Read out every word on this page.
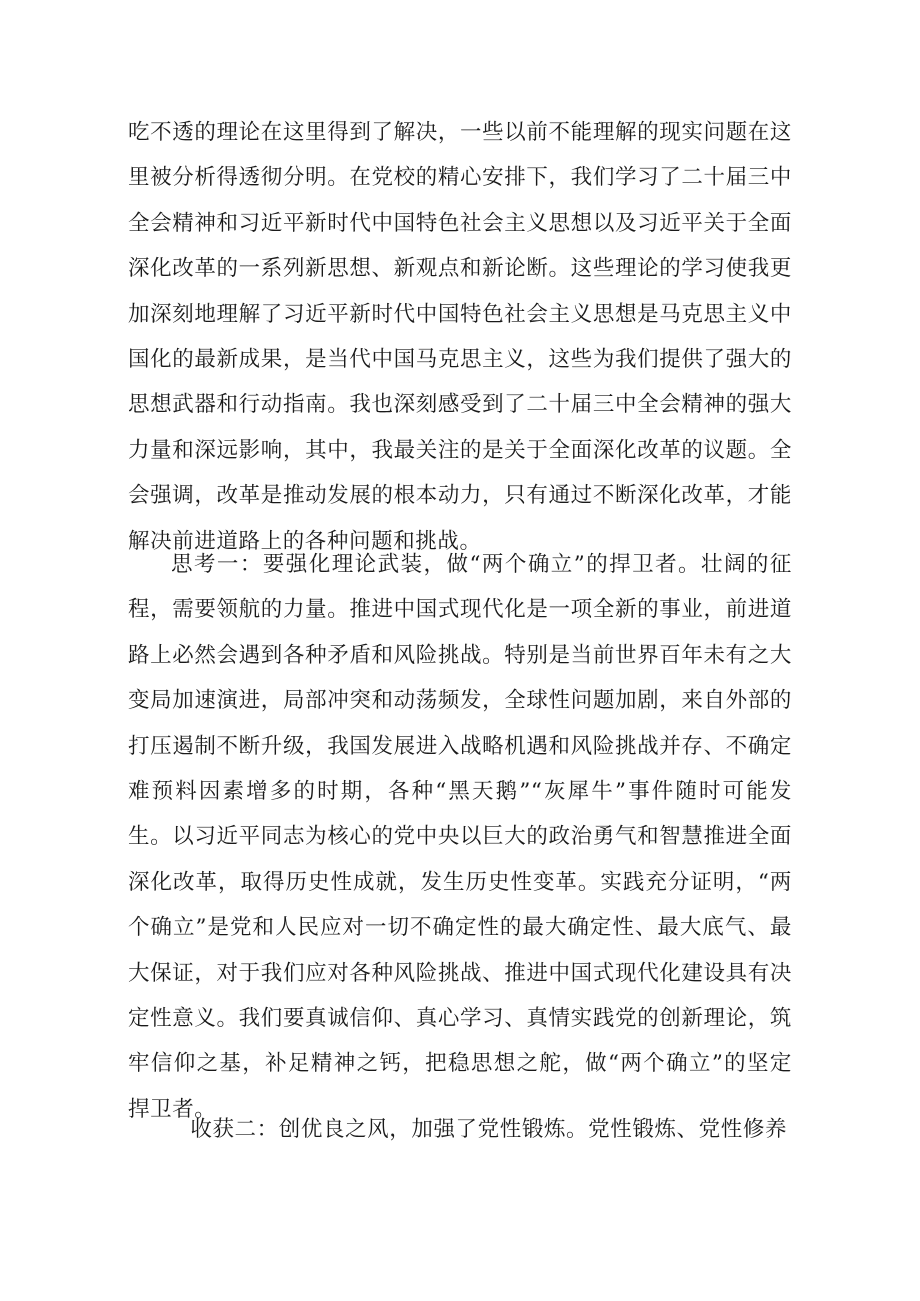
吃不透的理论在这里得到了解决，一些以前不能理解的现实问题在这里被分析得透彻分明。在党校的精心安排下，我们学习了二十届三中全会精神和习近平新时代中国特色社会主义思想以及习近平关于全面深化改革的一系列新思想、新观点和新论断。这些理论的学习使我更加深刻地理解了习近平新时代中国特色社会主义思想是马克思主义中国化的最新成果，是当代中国马克思主义，这些为我们提供了强大的思想武器和行动指南。我也深刻感受到了二十届三中全会精神的强大力量和深远影响，其中，我最关注的是关于全面深化改革的议题。全会强调，改革是推动发展的根本动力，只有通过不断深化改革，才能解决前进道路上的各种问题和挑战。

思考一：要强化理论武装，做“两个确立”的捍卫者。壮阔的征程，需要领航的力量。推进中国式现代化是一项全新的事业，前进道路上必然会遇到各种矛盾和风险挑战。特别是当前世界百年未有之大变局加速演进，局部冲突和动荡频发，全球性问题加剧，来自外部的打压遏制不断升级，我国发展进入战略机遇和风险挑战并存、不确定难预料因素增多的时期，各种“黑天鹅”“灰犀牛”事件随时可能发生。以习近平同志为核心的党中央以巨大的政治勇气和智慧推进全面深化改革，取得历史性成就，发生历史性变革。实践充分证明，“两个确立”是党和人民应对一切不确定性的最大确定性、最大底气、最大保证，对于我们应对各种风险挑战、推进中国式现代化建设具有决定性意义。我们要真诚信仰、真心学习、真情实践党的创新理论，筑牢信仰之基，补足精神之钙，把稳思想之舵，做“两个确立”的坚定捍卫者。

收获二：创优良之风，加强了党性锻炼。党性锻炼、党性修养
